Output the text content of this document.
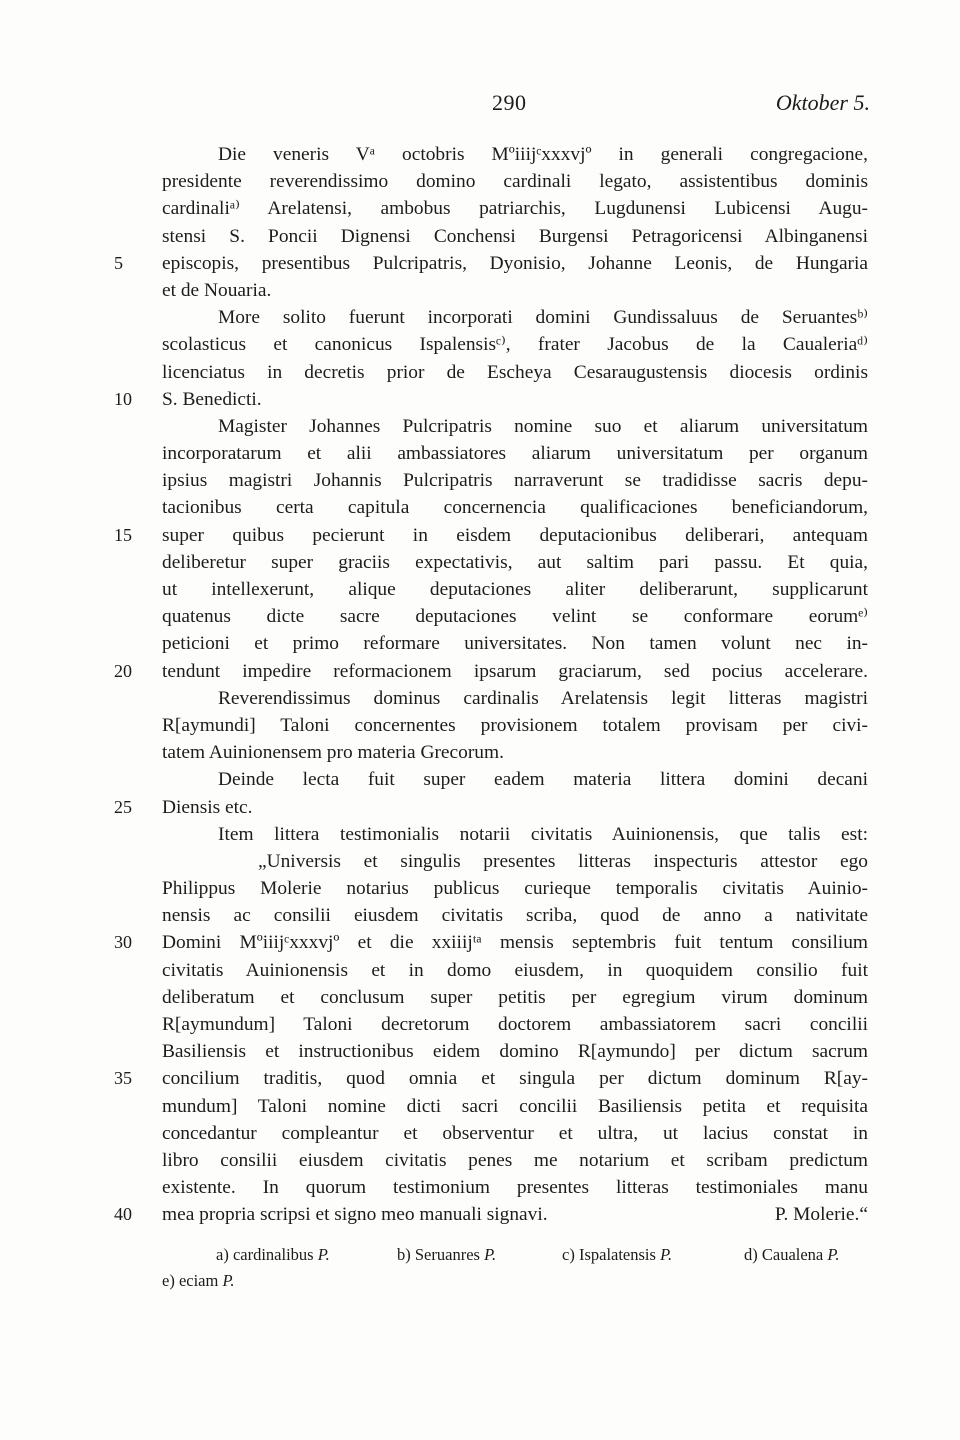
290	Oktober 5.
Die veneris Vᵃ octobris Mºiiijᶜxxxvjº in generali congregacione,
presidente reverendissimo domino cardinali legato, assistentibus dominis
cardinaliᵃ⁾ Arelatensi, ambobus patriarchis, Lugdunensi Lubicensi Augu-
stensi S. Poncii Dignensi Conchensi Burgensi Petragoricensi Albinganensi
5	episcopis, presentibus Pulcripatris, Dyonisio, Johanne Leonis, de Hungaria
et de Nouaria.
More solito fuerunt incorporati domini Gundissaluus de Seruantesᵇ⁾
scolasticus et canonicus Ispalensisᶜ⁾, frater Jacobus de la Caualeriaᵈ⁾
licenciatus in decretis prior de Escheya Cesaraugustensis diocesis ordinis
10	S. Benedicti.
Magister Johannes Pulcripatris nomine suo et aliarum universitatum
incorporatarum et alii ambassiatores aliarum universitatum per organum
ipsius magistri Johannis Pulcripatris narraverunt se tradidisse sacris depu-
tacionibus certa capitula concernencia qualificaciones beneficiandorum,
15	super quibus pecierunt in eisdem deputacionibus deliberari, antequam
deliberetur super graciis expectativis, aut saltim pari passu. Et quia,
ut intellexerunt, alique deputaciones aliter deliberarunt, supplicarunt
quatenus dicte sacre deputaciones velint se conformare eorumᵉ⁾
peticioni et primo reformare universitates. Non tamen volunt nec in-
20	tendunt impedire reformacionem ipsarum graciarum, sed pocius accelerare.
Reverendissimus dominus cardinalis Arelatensis legit litteras magistri
R[aymundi] Taloni concernentes provisionem totalem provisam per civi-
tatem Auinionensem pro materia Grecorum.
Deinde lecta fuit super eadem materia littera domini decani
25	Diensis etc.
Item littera testimonialis notarii civitatis Auinionensis, que talis est:
„Universis et singulis presentes litteras inspecturis attestor ego
Philippus Molerie notarius publicus curieque temporalis civitatis Auinio-
nensis ac consilii eiusdem civitatis scriba, quod de anno a nativitate
30	Domini Mºiiijᶜxxxvjº et die xxiiijᵗᵃ mensis septembris fuit tentum consilium
civitatis Auinionensis et in domo eiusdem, in quoquidem consilio fuit
deliberatum et conclusum super petitis per egregium virum dominum
R[aymundum] Taloni decretorum doctorem ambassiatorem sacri concilii
Basiliensis et instructionibus eidem domino R[aymundo] per dictum sacrum
35	concilium traditis, quod omnia et singula per dictum dominum R[ay-
mundum] Taloni nomine dicti sacri concilii Basiliensis petita et requisita
concedantur compleantur et observentur et ultra, ut lacius constat in
libro consilii eiusdem civitatis penes me notarium et scribam predictum
existente. In quorum testimonium presentes litteras testimoniales manu
40	mea propria scripsi et signo meo manuali signavi.	P. Molerie.“
a) cardinalibus P.	b) Seruanres P.	c) Ispalatensis P.	d) Caualena P.
e) eciam P.
